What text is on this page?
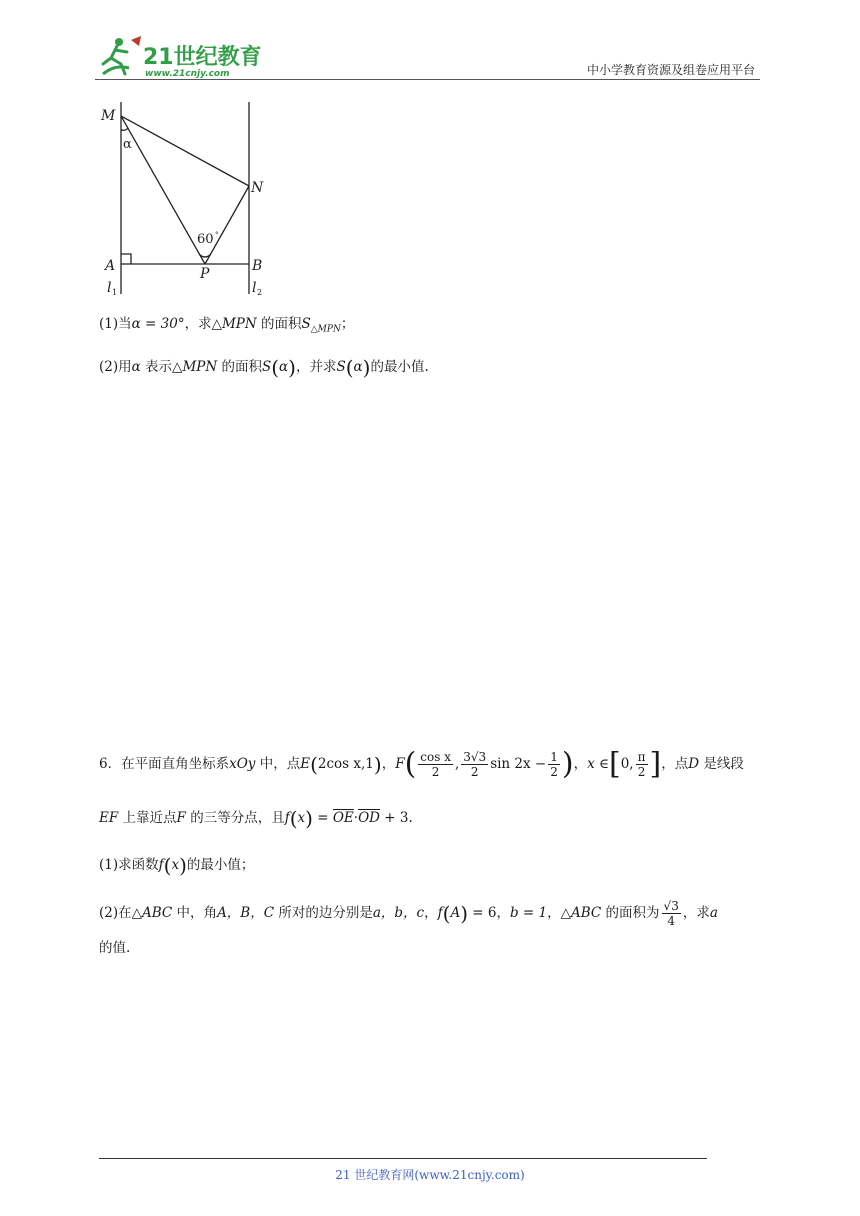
21世纪教育
www.21cnjy.com	中小学教育资源及组卷应用平台
M
N
A	B
P
l	l
1	2
α
60 °
(1)当α = 30°，求△MPN 的面积$S_{\triangle MPN}$；
(2)用α 表示△MPN 的面积S(α)，并求S(α)的最小值.
6．在平面直角坐标系xOy 中，点E(2cos x,1)，$F( \frac{\text{cos x}}{2}$ , $\frac{3√3}{2}$ $\sin 2x - \frac{1}{2}$ )，x ∈[0, $\frac{\pi}{2}$ ]，点D 是线段
EF 上靠近点F 的三等分点，且$f(x) = \overline{OE}\cdot\overline{OD} + 3$.
(1)求函数f(x)的最小值；
(2)在△ABC 中，角A，B，C 所对的边分别是a，b，c，f(A) = 6，b = 1，△ABC 的面积为 $\frac{√3}{4}$ ，求a
的值.
21 世纪教育网(www.21cnjy.com)
